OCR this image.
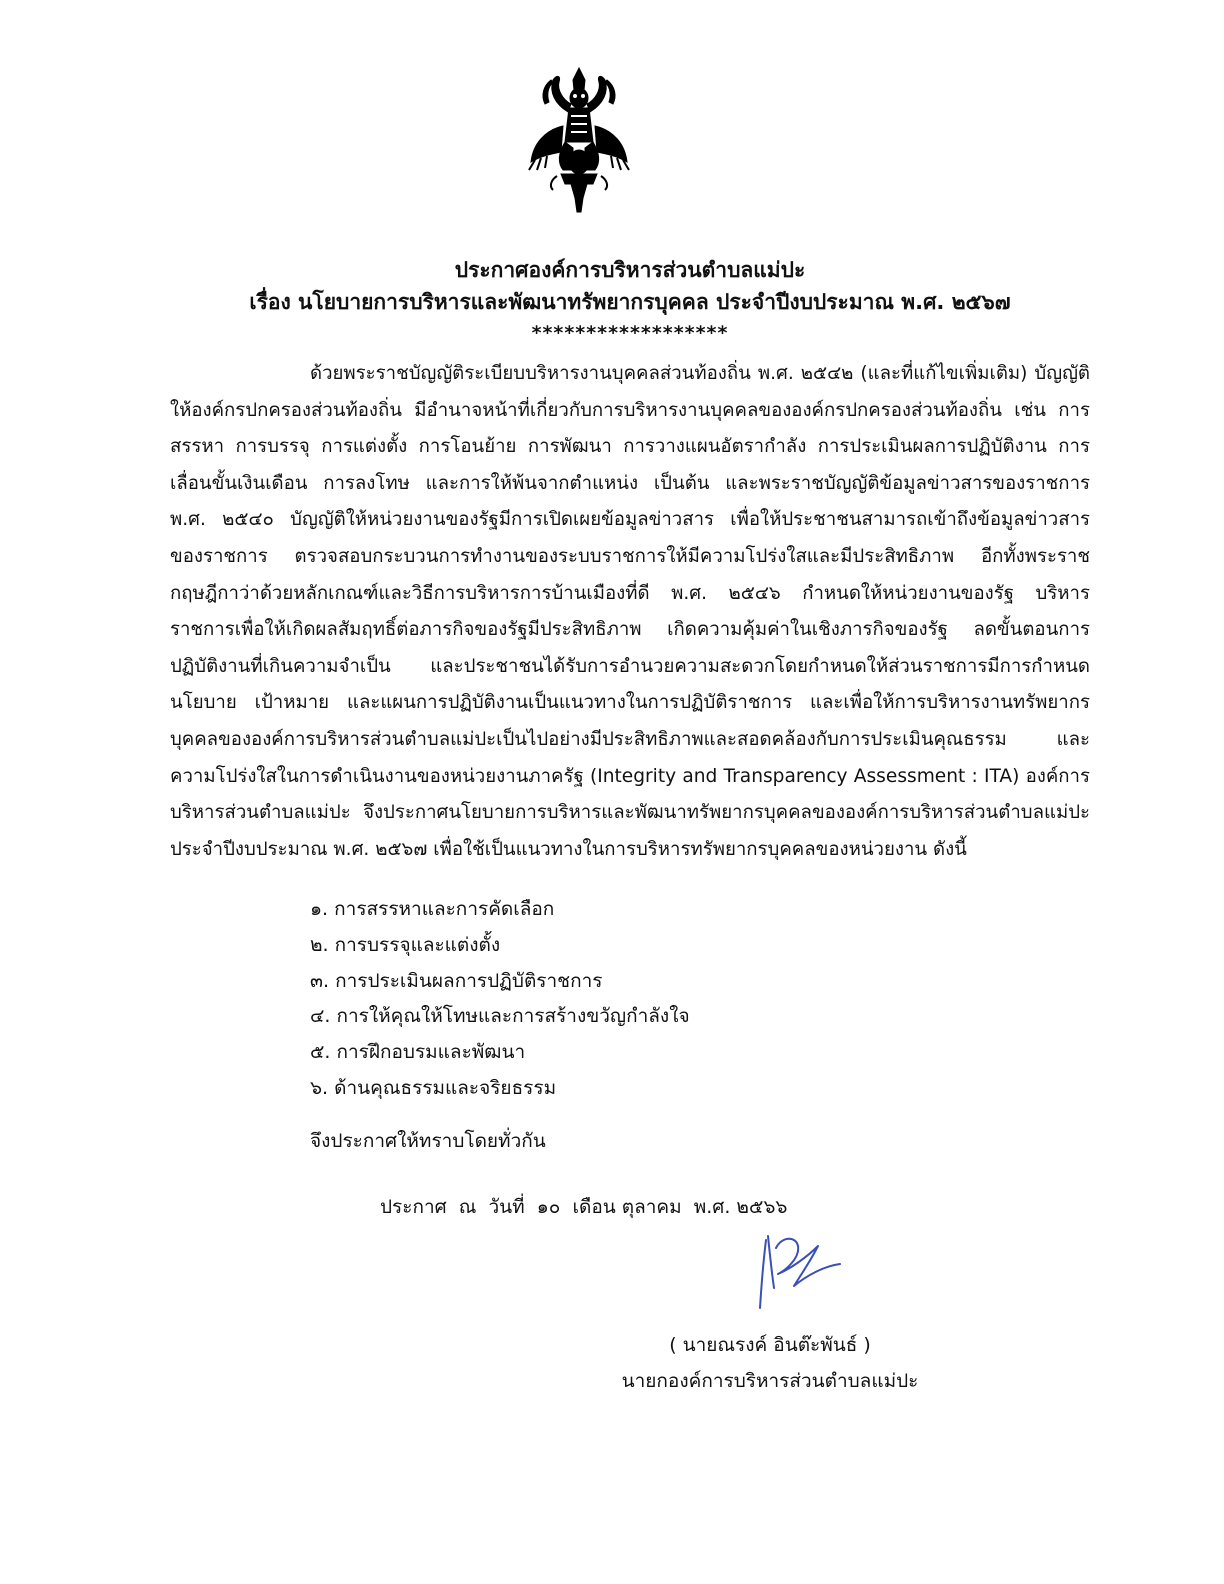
ประกาศองค์การบริหารส่วนตำบลแม่ปะ
เรื่อง นโยบายการบริหารและพัฒนาทรัพยากรบุคคล ประจำปีงบประมาณ พ.ศ. ๒๕๖๗
******************

ด้วยพระราชบัญญัติระเบียบบริหารงานบุคคลส่วนท้องถิ่น พ.ศ. ๒๕๔๒ (และที่แก้ไขเพิ่มเติม) บัญญัติให้องค์กรปกครองส่วนท้องถิ่น มีอำนาจหน้าที่เกี่ยวกับการบริหารงานบุคคลขององค์กรปกครองส่วนท้องถิ่น เช่น การสรรหา การบรรจุ การแต่งตั้ง การโอนย้าย การพัฒนา การวางแผนอัตรากำลัง การประเมินผลการปฏิบัติงาน การเลื่อนขั้นเงินเดือน การลงโทษ และการให้พ้นจากตำแหน่ง เป็นต้น และพระราชบัญญัติข้อมูลข่าวสารของราชการ พ.ศ. ๒๕๔๐ บัญญัติให้หน่วยงานของรัฐมีการเปิดเผยข้อมูลข่าวสาร เพื่อให้ประชาชนสามารถเข้าถึงข้อมูลข่าวสารของราชการ ตรวจสอบกระบวนการทำงานของระบบราชการให้มีความโปร่งใสและมีประสิทธิภาพ อีกทั้งพระราชกฤษฎีกาว่าด้วยหลักเกณฑ์และวิธีการบริหารการบ้านเมืองที่ดี พ.ศ. ๒๕๔๖ กำหนดให้หน่วยงานของรัฐ บริหารราชการเพื่อให้เกิดผลสัมฤทธิ์ต่อภารกิจของรัฐมีประสิทธิภาพ เกิดความคุ้มค่าในเชิงภารกิจของรัฐ ลดขั้นตอนการปฏิบัติงานที่เกินความจำเป็น และประชาชนได้รับการอำนวยความสะดวกโดยกำหนดให้ส่วนราชการมีการกำหนดนโยบาย เป้าหมาย และแผนการปฏิบัติงานเป็นแนวทางในการปฏิบัติราชการ และเพื่อให้การบริหารงานทรัพยากรบุคคลขององค์การบริหารส่วนตำบลแม่ปะเป็นไปอย่างมีประสิทธิภาพและสอดคล้องกับการประเมินคุณธรรม และความโปร่งใสในการดำเนินงานของหน่วยงานภาครัฐ (Integrity and Transparency Assessment : ITA) องค์การบริหารส่วนตำบลแม่ปะ จึงประกาศนโยบายการบริหารและพัฒนาทรัพยากรบุคคลขององค์การบริหารส่วนตำบลแม่ปะ ประจำปีงบประมาณ พ.ศ. ๒๕๖๗ เพื่อใช้เป็นแนวทางในการบริหารทรัพยากรบุคคลของหน่วยงาน ดังนี้

๑. การสรรหาและการคัดเลือก
๒. การบรรจุและแต่งตั้ง
๓. การประเมินผลการปฏิบัติราชการ
๔. การให้คุณให้โทษและการสร้างขวัญกำลังใจ
๕. การฝึกอบรมและพัฒนา
๖. ด้านคุณธรรมและจริยธรรม
จึงประกาศให้ทราบโดยทั่วกัน
ประกาศ  ณ  วันที่  ๑๐  เดือน ตุลาคม  พ.ศ. ๒๕๖๖
( นายณรงค์ อินต๊ะพันธ์ )
นายกองค์การบริหารส่วนตำบลแม่ปะ
